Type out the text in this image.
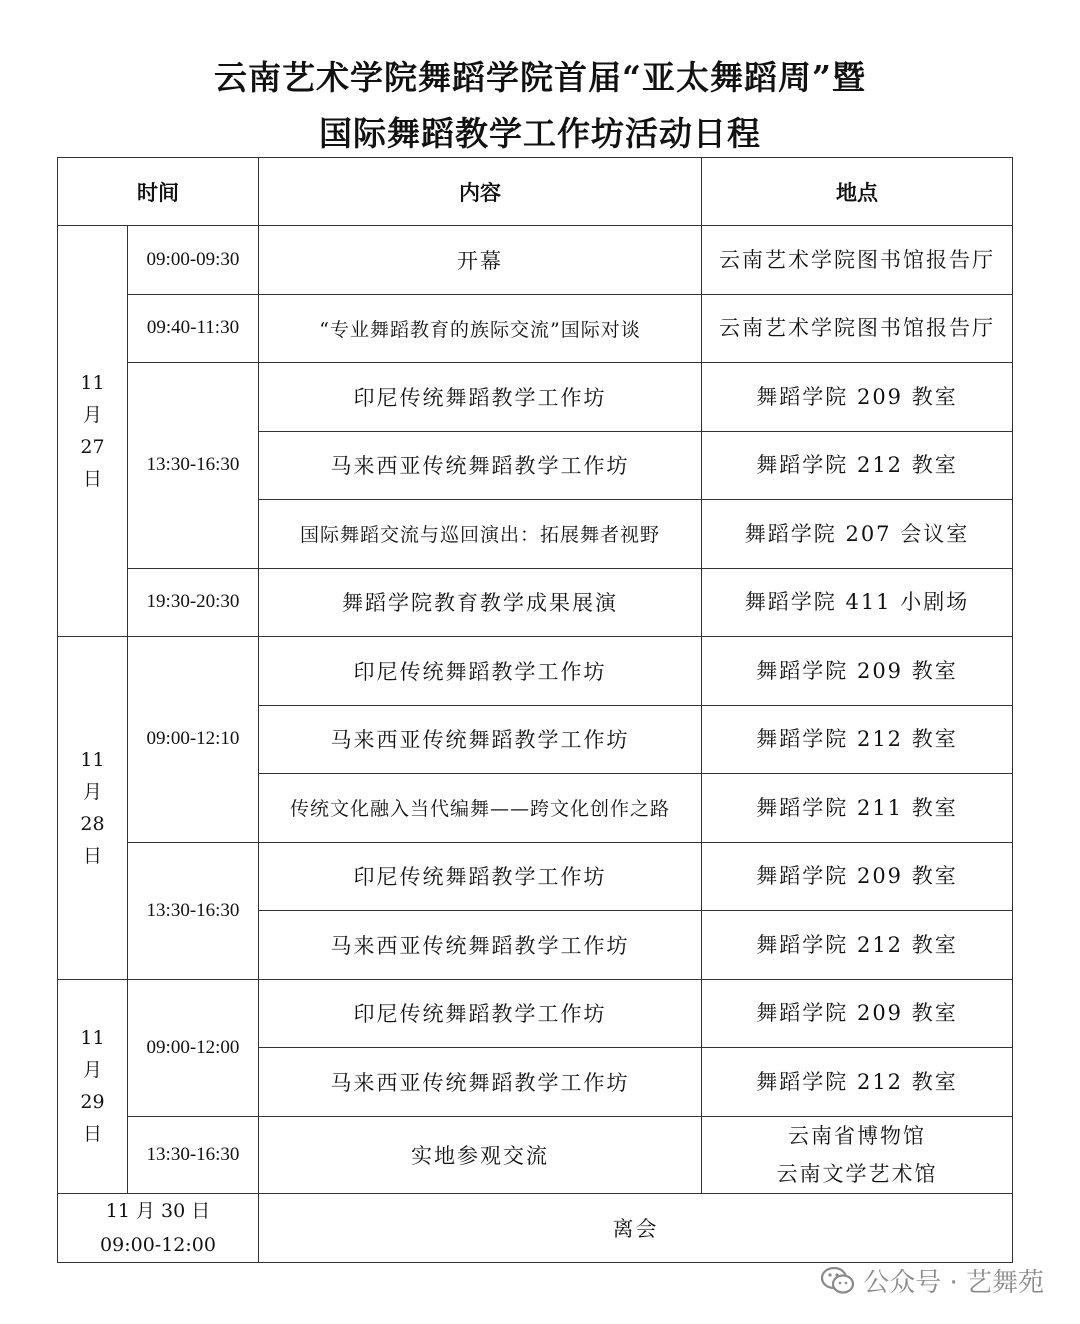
云南艺术学院舞蹈学院首届“亚太舞蹈周”暨
国际舞蹈教学工作坊活动日程
时间		内容	地点

11
月
27
日	09:00-09:30	开幕	云南艺术学院图书馆报告厅

	09:40-11:30	“专业舞蹈教育的族际交流”国际对谈	云南艺术学院图书馆报告厅

	13:30-16:30	印尼传统舞蹈教学工作坊	舞蹈学院 209 教室

		马来西亚传统舞蹈教学工作坊	舞蹈学院 212 教室

		国际舞蹈交流与巡回演出：拓展舞者视野	舞蹈学院 207 会议室

	19:30-20:30	舞蹈学院教育教学成果展演	舞蹈学院 411 小剧场

11
月
28
日	09:00-12:10	印尼传统舞蹈教学工作坊	舞蹈学院 209 教室

		马来西亚传统舞蹈教学工作坊	舞蹈学院 212 教室

		传统文化融入当代编舞——跨文化创作之路	舞蹈学院 211 教室

	13:30-16:30	印尼传统舞蹈教学工作坊	舞蹈学院 209 教室

		马来西亚传统舞蹈教学工作坊	舞蹈学院 212 教室

11
月
29
日	09:00-12:00	印尼传统舞蹈教学工作坊	舞蹈学院 209 教室

		马来西亚传统舞蹈教学工作坊	舞蹈学院 212 教室

	13:30-16:30	实地参观交流	云南省博物馆
云南文学艺术馆

11 月 30 日
09:00-12:00		离会	
公众号 · 艺舞苑
